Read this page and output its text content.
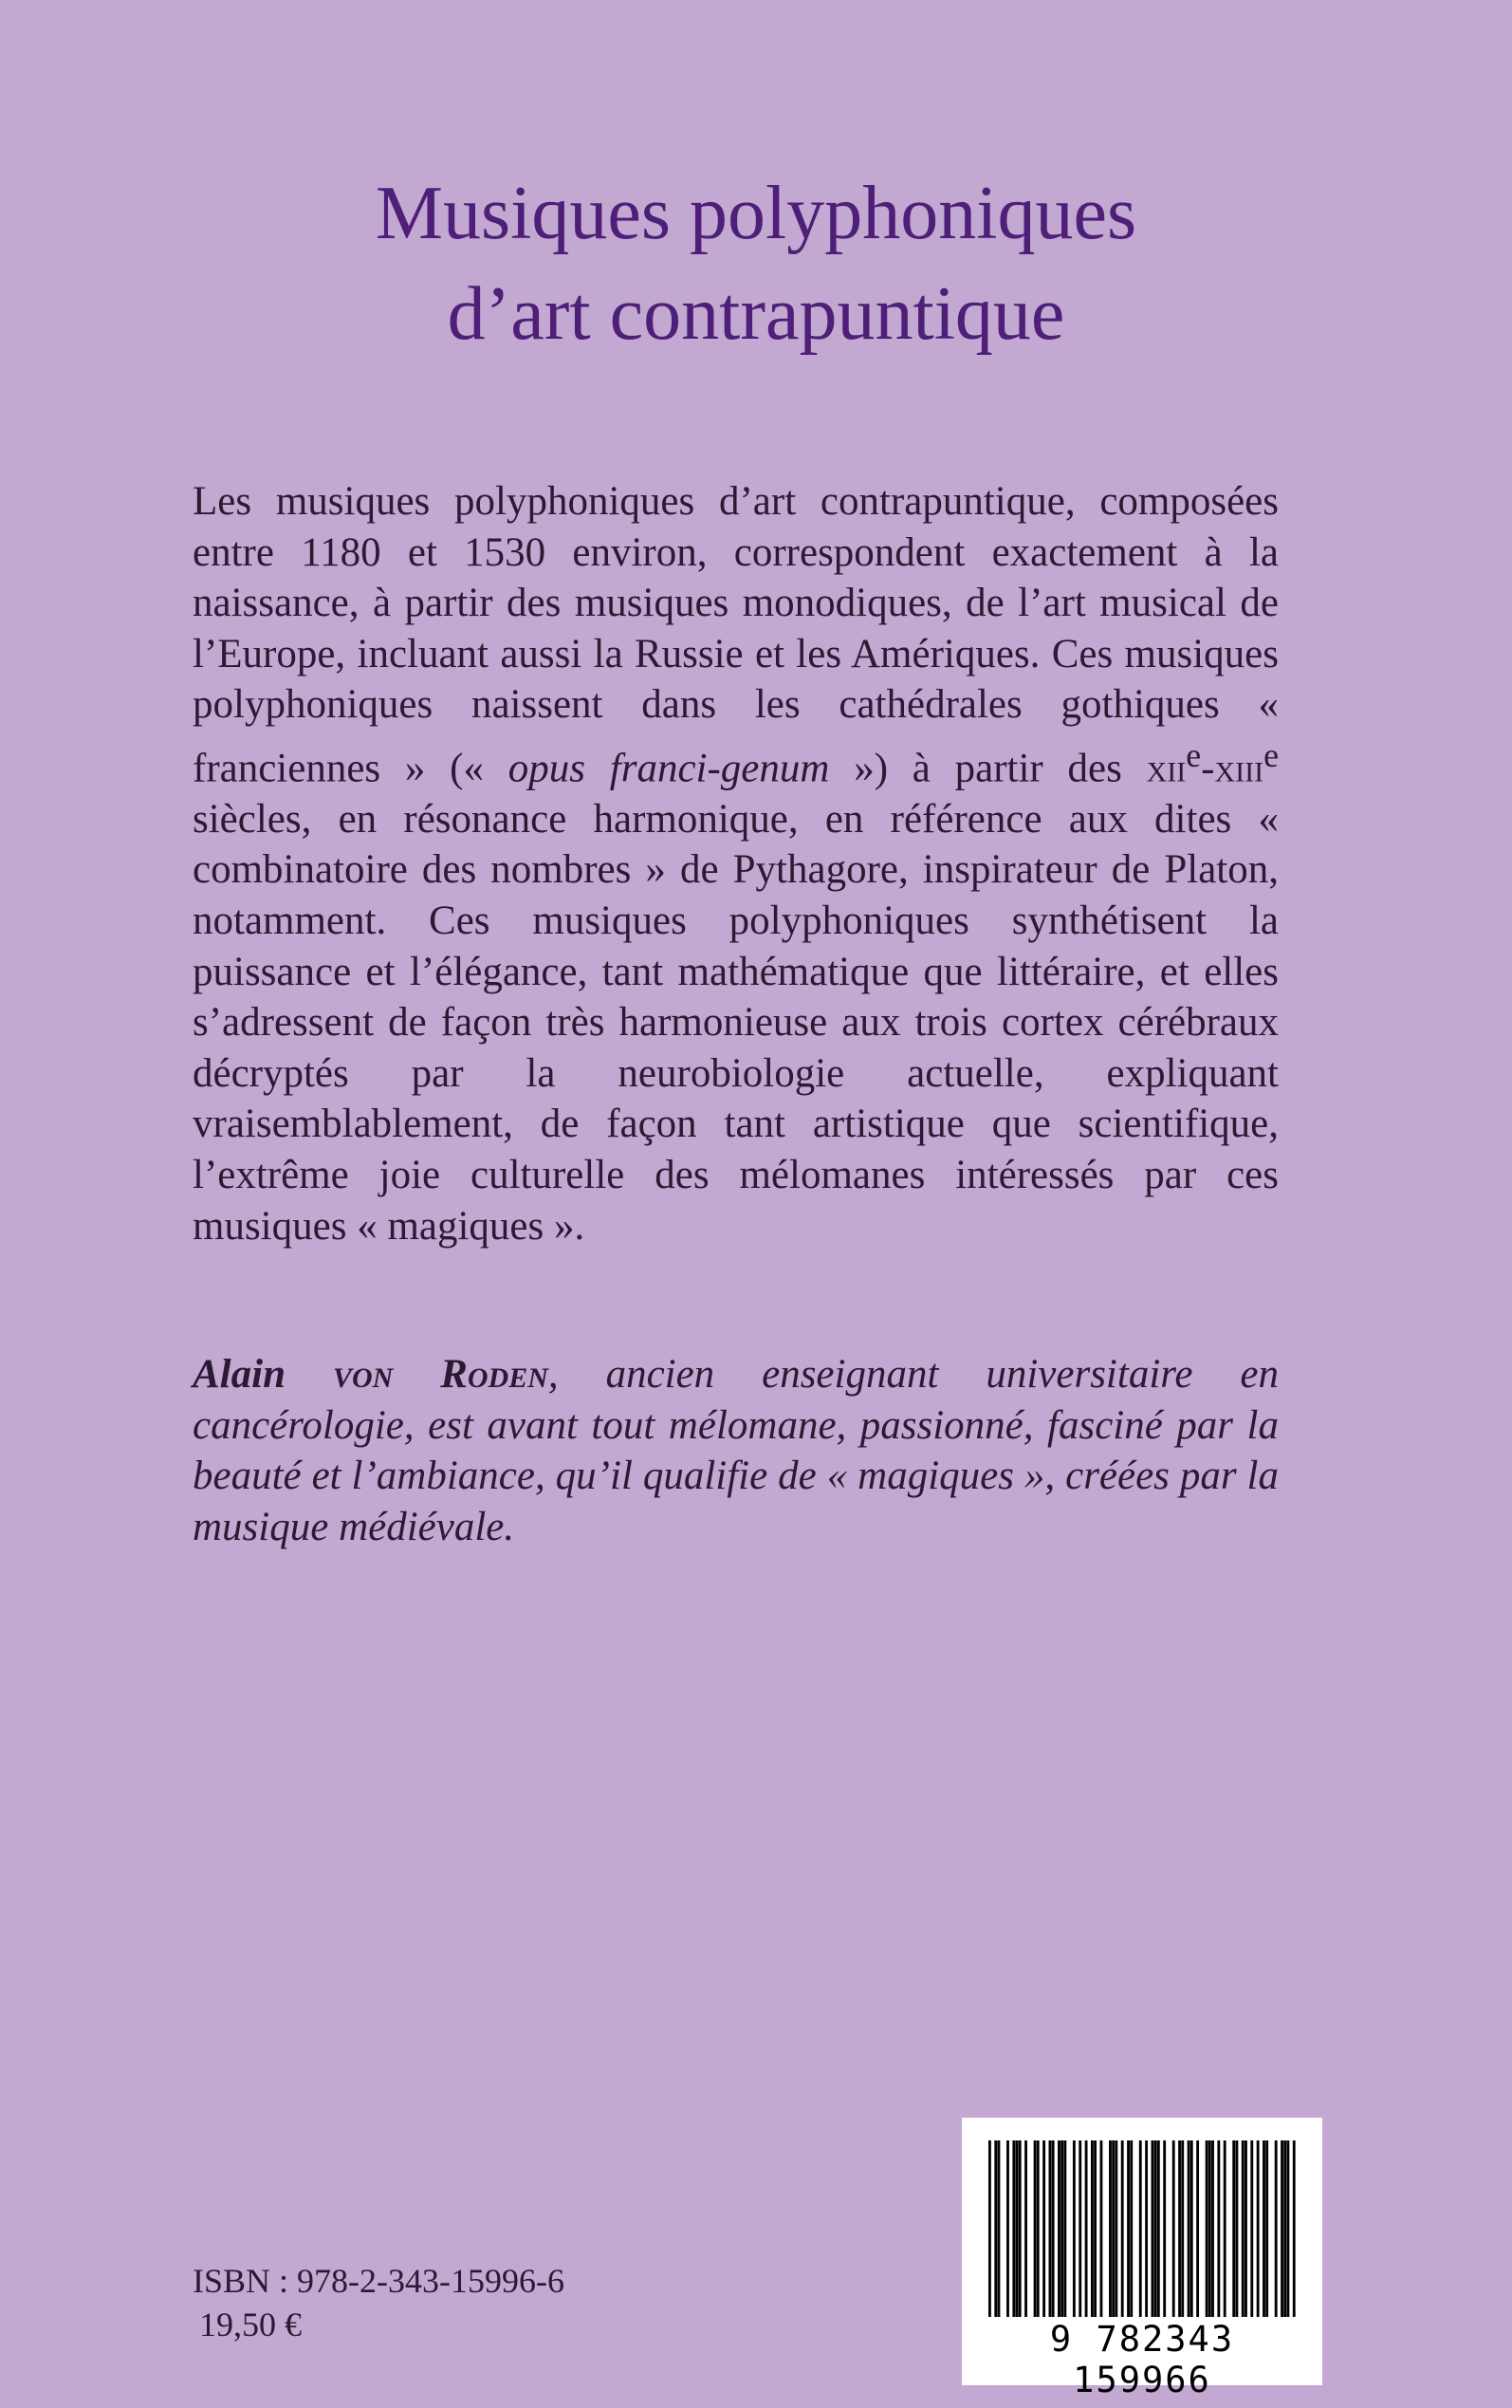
Musiques polyphoniques
d’art contrapuntique

Les musiques polyphoniques d’art contrapuntique, composées entre 1180 et 1530 environ, correspondent exactement à la naissance, à partir des musiques monodiques, de l’art musical de l’Europe, incluant aussi la Russie et les Amériques. Ces musiques polyphoniques naissent dans les cathédrales gothiques « franciennes » (« opus franci-genum ») à partir des xii$^e$-xiii$^e$ siècles, en résonance harmonique, en référence aux dites « combinatoire des nombres » de Pythagore, inspirateur de Platon, notamment. Ces musiques polyphoniques synthétisent la puissance et l’élégance, tant mathématique que littéraire, et elles s’adressent de façon très harmonieuse aux trois cortex cérébraux décryptés par la neurobiologie actuelle, expliquant vraisemblablement, de façon tant artistique que scientifique, l’extrême joie culturelle des mélomanes intéressés par ces musiques « magiques ».

Alain von Roden, ancien enseignant universitaire en cancérologie, est avant tout mélomane, passionné, fasciné par la beauté et l’ambiance, qu’il qualifie de « magiques », créées par la musique médiévale.

ISBN : 978-2-343-15996-6
19,50 €	9 782343 159966
